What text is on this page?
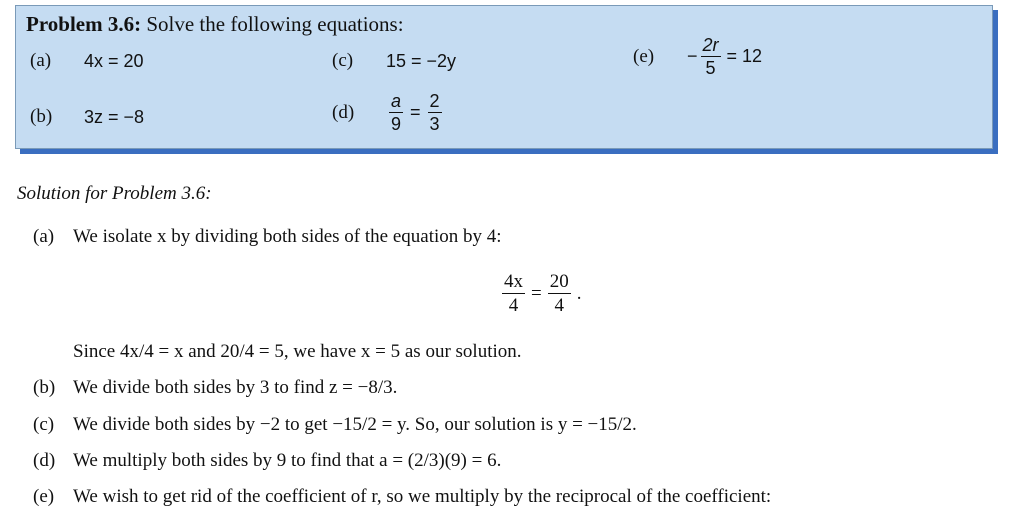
Problem 3.6: Solve the following equations:
(a)	4x = 20
(b)	3z = −8
(c)	15 = −2y
(d)	$\frac{a}{9} = \frac{2}{3}$
(e)	− $\frac{2r}{5} = 12$
Solution for Problem 3.6:
(a) We isolate x by dividing both sides of the equation by 4:
$\frac{4x}{4} = \frac{20}{4}$ .
Since 4x/4 = x and 20/4 = 5, we have x = 5 as our solution.
(b) We divide both sides by 3 to find z = −8/3.
(c) We divide both sides by −2 to get −15/2 = y. So, our solution is y = −15/2.
(d) We multiply both sides by 9 to find that a = (2/3)(9) = 6.
(e) We wish to get rid of the coefficient of r, so we multiply by the reciprocal of the coefficient:
